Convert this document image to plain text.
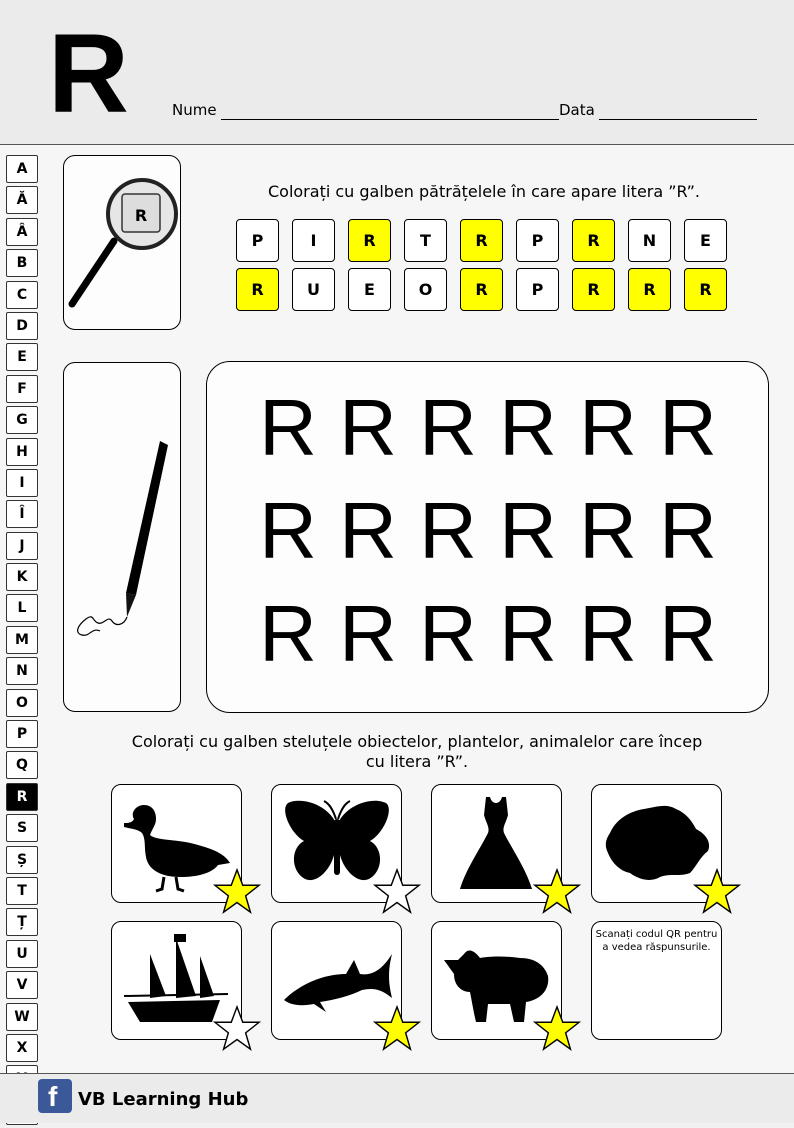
R	Nume	Data
A
Ă
Â
B
C
D
E
F
G
H
I
Î
J
K
L
M
N
O
P
Q
R
S
Ș
T
Ț
U
V
W
X
R
Colorați cu galben pătrățelele în care apare litera ”R”.
P	I	R	T	R	P	R	N	E
R	U	E	O	R	P	R	R	R
R R R R R R
R R R R R R
R R R R R R
Colorați cu galben steluțele obiectelor, plantelor, animalelor care încep
cu litera ”R”.
Scanați codul QR pentru
a vedea răspunsurile.
f VB Learning Hub
